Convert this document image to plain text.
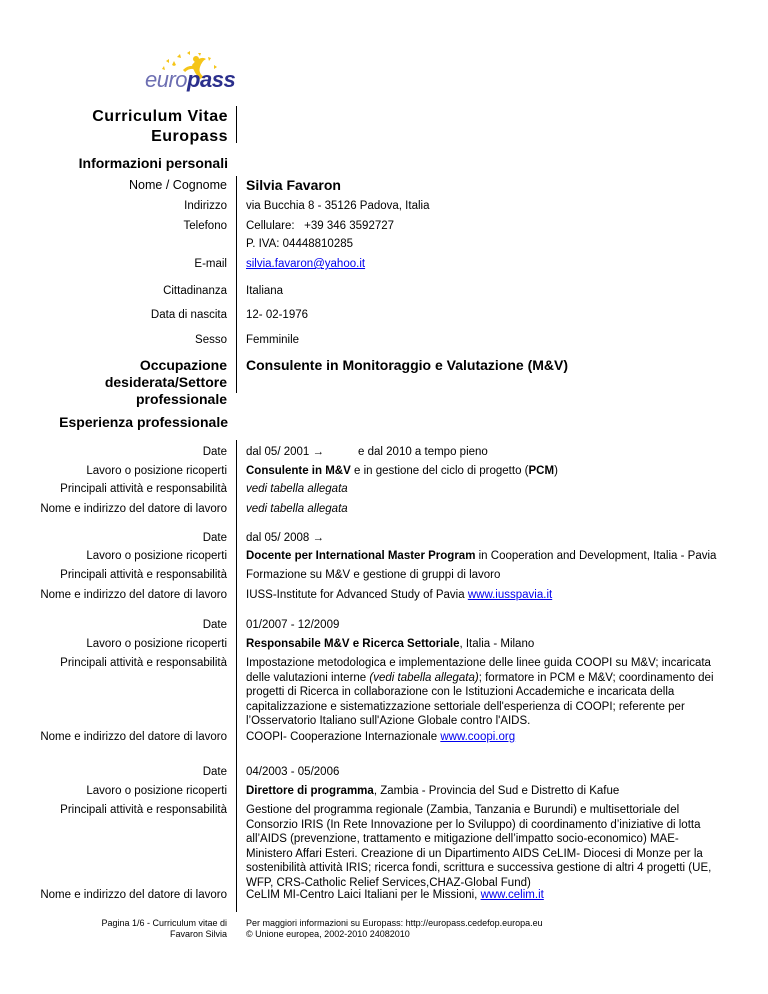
europass
Curriculum Vitae
Europass
Informazioni personali
Nome / Cognome Silvia Favaron
Indirizzo via Bucchia 8 - 35126 Padova, Italia
Telefono Cellulare: +39 346 3592727
P. IVA: 04448810285
E-mail silvia.favaron@yahoo.it
Cittadinanza Italiana
Data di nascita 12- 02-1976
Sesso Femminile
Occupazione
desiderata/Settore
professionale
Consulente in Monitoraggio e Valutazione (M&V)
Esperienza professionale
Date dal 05/ 2001 →	e dal 2010 a tempo pieno
Lavoro o posizione ricoperti Consulente in M&V e in gestione del ciclo di progetto (PCM)
Principali attività e responsabilità vedi tabella allegata
Nome e indirizzo del datore di lavoro vedi tabella allegata
Date dal 05/ 2008 →
Lavoro o posizione ricoperti Docente per International Master Program in Cooperation and Development, Italia - Pavia
Principali attività e responsabilità Formazione su M&V e gestione di gruppi di lavoro
Nome e indirizzo del datore di lavoro IUSS-Institute for Advanced Study of Pavia www.iusspavia.it
Date 01/2007 - 12/2009
Lavoro o posizione ricoperti Responsabile M&V e Ricerca Settoriale, Italia - Milano
Principali attività e responsabilità Impostazione metodologica e implementazione delle linee guida COOPI su M&V; incaricata delle valutazioni interne (vedi tabella allegata); formatore in PCM e M&V; coordinamento dei progetti di Ricerca in collaborazione con le Istituzioni Accademiche e incaricata della capitalizzazione e sistematizzazione settoriale dell'esperienza di COOPI; referente per l’Osservatorio Italiano sull'Azione Globale contro l'AIDS.
Nome e indirizzo del datore di lavoro COOPI- Cooperazione Internazionale www.coopi.org
Date 04/2003 - 05/2006
Lavoro o posizione ricoperti Direttore di programma, Zambia - Provincia del Sud e Distretto di Kafue
Principali attività e responsabilità Gestione del programma regionale (Zambia, Tanzania e Burundi) e multisettoriale del Consorzio IRIS (In Rete Innovazione per lo Sviluppo) di coordinamento d’iniziative di lotta all’AIDS (prevenzione, trattamento e mitigazione dell’impatto socio-economico) MAE-Ministero Affari Esteri. Creazione di un Dipartimento AIDS CeLIM- Diocesi di Monze per la sostenibilità attività IRIS; ricerca fondi, scrittura e successiva gestione di altri 4 progetti (UE, WFP, CRS-Catholic Relief Services,CHAZ-Global Fund)
Nome e indirizzo del datore di lavoro CeLIM MI-Centro Laici Italiani per le Missioni, www.celim.it
Pagina 1/6 - Curriculum vitae di
Favaron Silvia
Per maggiori informazioni su Europass: http://europass.cedefop.europa.eu
© Unione europea, 2002-2010 24082010
